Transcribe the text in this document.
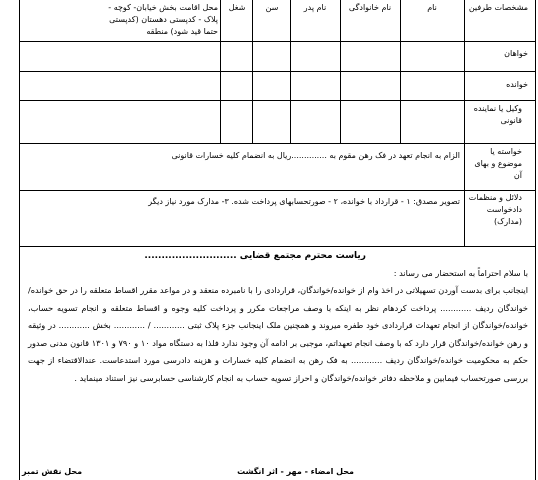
مشخصات طرفین
نام
نام خانوادگی
نام پدر
سن
شغل
محل اقامت بخش خیابان- کوچه - پلاک - کدپستی دهستان (کدپستی حتما قید شود) منطقه
خواهان
خوانده
وکیل یا نماینده قانونی
خواسته یا موضوع و بهای آن
الزام به انجام تعهد در فک رهن مقوم به ..............ریال به انضمام کلیه خسارات قانونی
دلائل و منظمات دادخواست (مدارک)
تصویر مصدق: ۱ - قرارداد با خوانده، ۲ - صورتحسابهای پرداخت شده. ۳- مدارک مورد نیاز دیگر
ریاست محترم مجتمع قضایی ...........................
با سلام احتراماً به استحضار می رساند :

اینجانب برای بدست آوردن تسهیلاتی در اخذ وام از خوانده/خواندگان، قراردادی را با نامبرده منعقد و در مواعد مقرر اقساط متعلقه را در حق خوانده/خواندگان ردیف ............ پرداخت کردهام نظر به اینکه با وصف مراجعات مکرر و پرداخت کلیه وجوه و اقساط متعلقه و انجام تسویه حساب، خوانده/خواندگان از انجام تعهدات قراردادی خود طفره میروند و همچنین ملک اینجانب جزء پلاک ثبتی ............ / ............ بخش ............ در وثیقه و رهن خوانده/خواندگان قرار دارد که با وصف انجام تعهداتم، موجبی بر ادامه آن وجود ندارد فلذا به دستگاه مواد ۱۰ و ۷۹۰ و ۱۳۰۱ قانون مدنی صدور حکم به محکومیت خوانده/خواندگان ردیف ............ به فک رهن به انضمام کلیه خسارات و هزینه دادرسی مورد استدعاست. عندالاقتضاء از جهت بررسی صورتحساب فیمابین و ملاحظه دفاتر خوانده/خواندگان و احراز تسویه حساب به انجام کارشناسی حسابرسی نیز استناد مینماید .

محل امضاء - مهر - اثر انگشت
محل نقش تمبر
